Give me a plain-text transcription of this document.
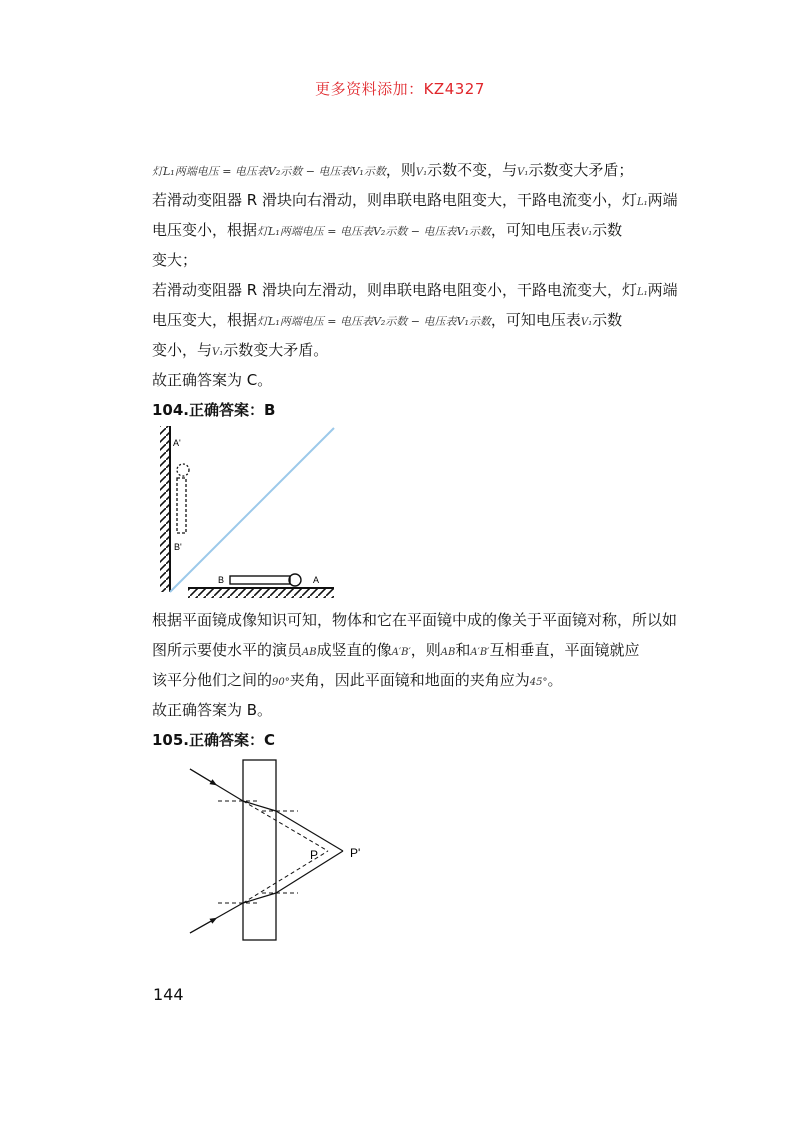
更多资料添加：KZ4327
灯L₁两端电压 = 电压表V₂示数 − 电压表V₁示数，则V₁示数不变，与V₁示数变大矛盾；
若滑动变阻器 R 滑块向右滑动，则串联电路电阻变大，干路电流变小，灯L₁两端
电压变小，根据灯L₁两端电压 = 电压表V₂示数 − 电压表V₁示数，可知电压表V₁示数
变大；
若滑动变阻器 R 滑块向左滑动，则串联电路电阻变小，干路电流变大，灯L₁两端
电压变大，根据灯L₁两端电压 = 电压表V₂示数 − 电压表V₁示数，可知电压表V₁示数
变小，与V₁示数变大矛盾。
故正确答案为 C。
104.正确答案：B
A'
B'
B	A
根据平面镜成像知识可知，物体和它在平面镜中成的像关于平面镜对称，所以如
图所示要使水平的演员AB成竖直的像A′B′，则AB和A′B′互相垂直，平面镜就应
该平分他们之间的90°夹角，因此平面镜和地面的夹角应为45°。
故正确答案为 B。
105.正确答案：C
P	P'
144
